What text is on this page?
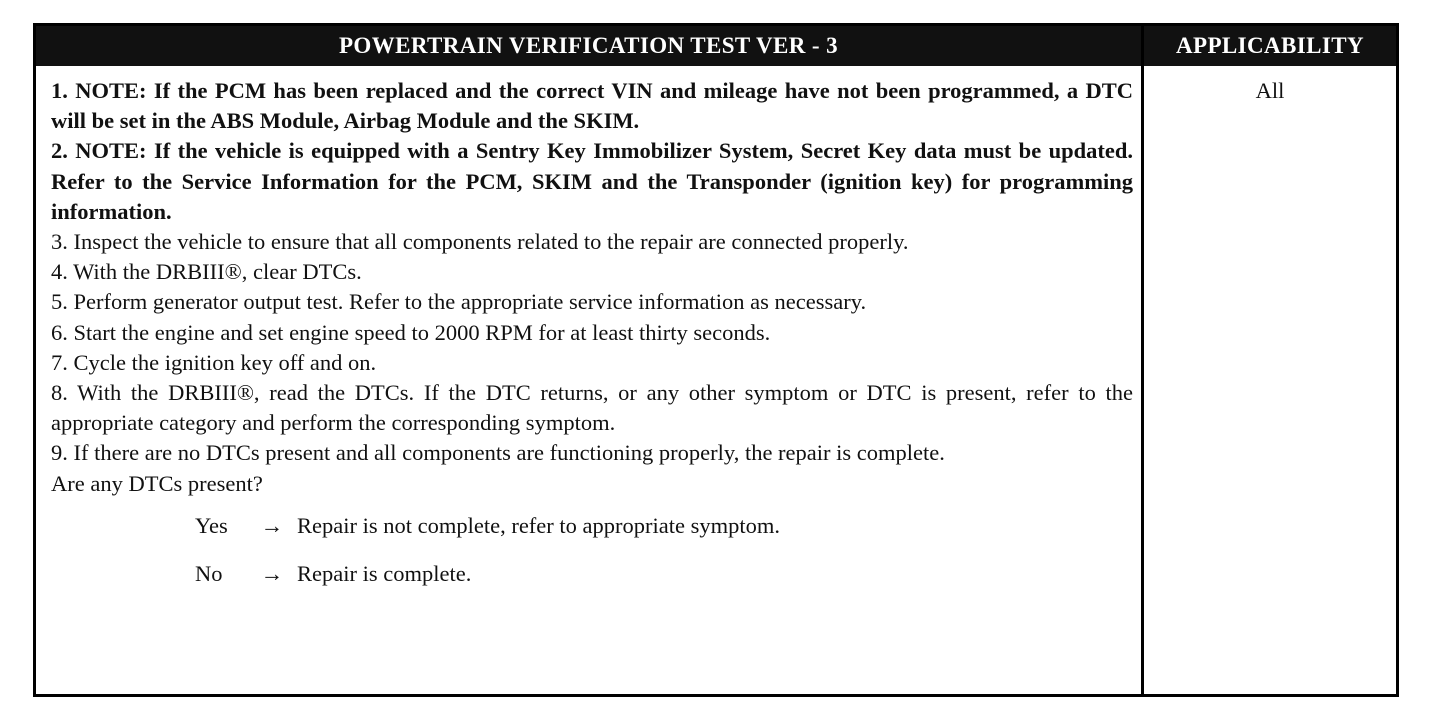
POWERTRAIN VERIFICATION TEST VER - 3	APPLICABILITY

1. NOTE: If the PCM has been replaced and the correct VIN and mileage have not been programmed, a DTC will be set in the ABS Module, Airbag Module and the SKIM.

2. NOTE: If the vehicle is equipped with a Sentry Key Immobilizer System, Secret Key data must be updated. Refer to the Service Information for the PCM, SKIM and the Transponder (ignition key) for programming information.

3. Inspect the vehicle to ensure that all components related to the repair are connected properly.

4. With the DRBIII®, clear DTCs.

5. Perform generator output test. Refer to the appropriate service information as necessary.

6. Start the engine and set engine speed to 2000 RPM for at least thirty seconds.

7. Cycle the ignition key off and on.

8. With the DRBIII®, read the DTCs. If the DTC returns, or any other symptom or DTC is present, refer to the appropriate category and perform the corresponding symptom.

9. If there are no DTCs present and all components are functioning properly, the repair is complete.

Are any DTCs present?

Yes	→ Repair is not complete, refer to appropriate symptom.
No	→ Repair is complete.
All
